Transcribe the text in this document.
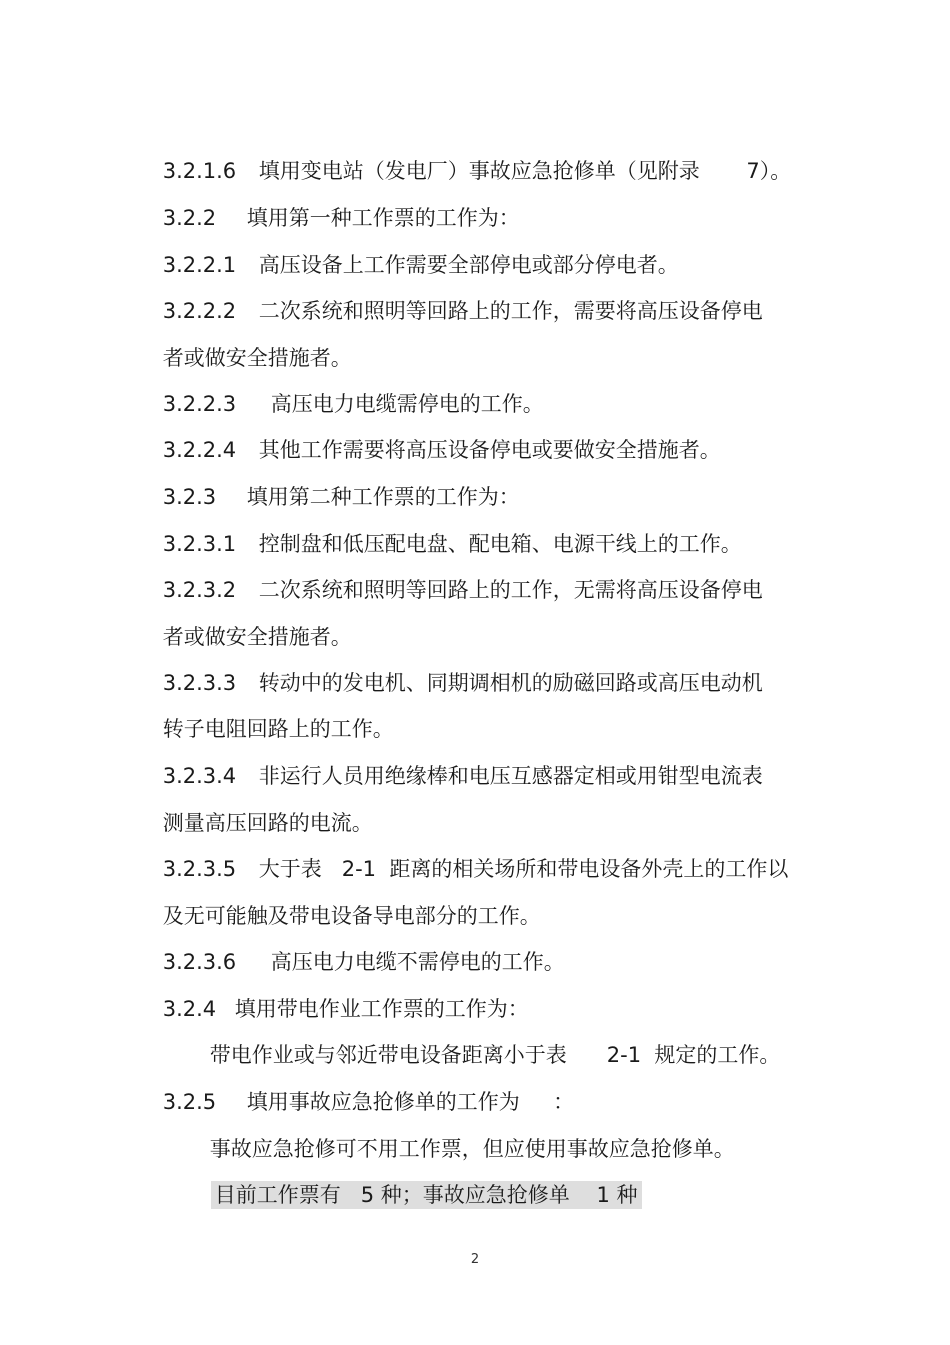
3.2.1.6 填用变电站（发电厂）事故应急抢修单（见附录       7）。

3.2.2 填用第一种工作票的工作为：

3.2.2.1 高压设备上工作需要全部停电或部分停电者。

3.2.2.2 二次系统和照明等回路上的工作，需要将高压设备停电

者或做安全措施者。

3.2.2.3 高压电力电缆需停电的工作。

3.2.2.4 其他工作需要将高压设备停电或要做安全措施者。

3.2.3 填用第二种工作票的工作为：

3.2.3.1 控制盘和低压配电盘、配电箱、电源干线上的工作。

3.2.3.2 二次系统和照明等回路上的工作，无需将高压设备停电

者或做安全措施者。

3.2.3.3 转动中的发电机、同期调相机的励磁回路或高压电动机

转子电阻回路上的工作。

3.2.3.4 非运行人员用绝缘棒和电压互感器定相或用钳型电流表

测量高压回路的电流。

3.2.3.5 大于表   2-1  距离的相关场所和带电设备外壳上的工作以

及无可能触及带电设备导电部分的工作。

3.2.3.6 高压电力电缆不需停电的工作。

3.2.4 填用带电作业工作票的工作为：

带电作业或与邻近带电设备距离小于表      2-1  规定的工作。

3.2.5 填用事故应急抢修单的工作为     ：

事故应急抢修可不用工作票，但应使用事故应急抢修单。

目前工作票有   5 种；事故应急抢修单    1 种

2
